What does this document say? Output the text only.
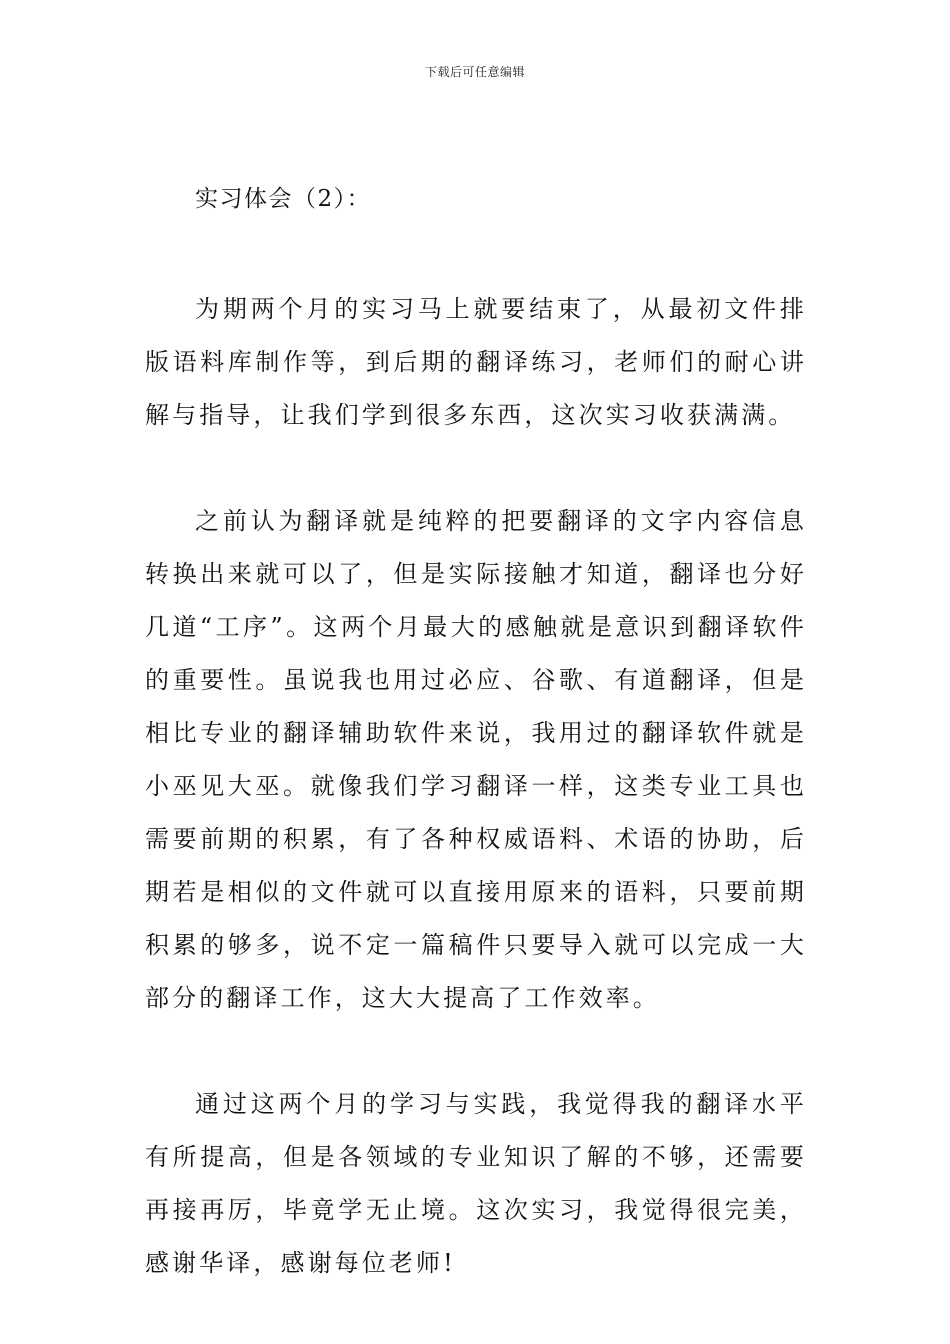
下载后可任意编辑
实习体会（2）：

为期两个月的实习马上就要结束了，从最初文件排版语料库制作等，到后期的翻译练习，老师们的耐心讲解与指导，让我们学到很多东西，这次实习收获满满。

之前认为翻译就是纯粹的把要翻译的文字内容信息转换出来就可以了，但是实际接触才知道，翻译也分好几道“工序”。这两个月最大的感触就是意识到翻译软件的重要性。虽说我也用过必应、谷歌、有道翻译，但是相比专业的翻译辅助软件来说，我用过的翻译软件就是小巫见大巫。就像我们学习翻译一样，这类专业工具也需要前期的积累，有了各种权威语料、术语的协助，后期若是相似的文件就可以直接用原来的语料，只要前期积累的够多，说不定一篇稿件只要导入就可以完成一大部分的翻译工作，这大大提高了工作效率。

通过这两个月的学习与实践，我觉得我的翻译水平有所提高，但是各领域的专业知识了解的不够，还需要再接再厉，毕竟学无止境。这次实习，我觉得很完美，感谢华译，感谢每位老师!
